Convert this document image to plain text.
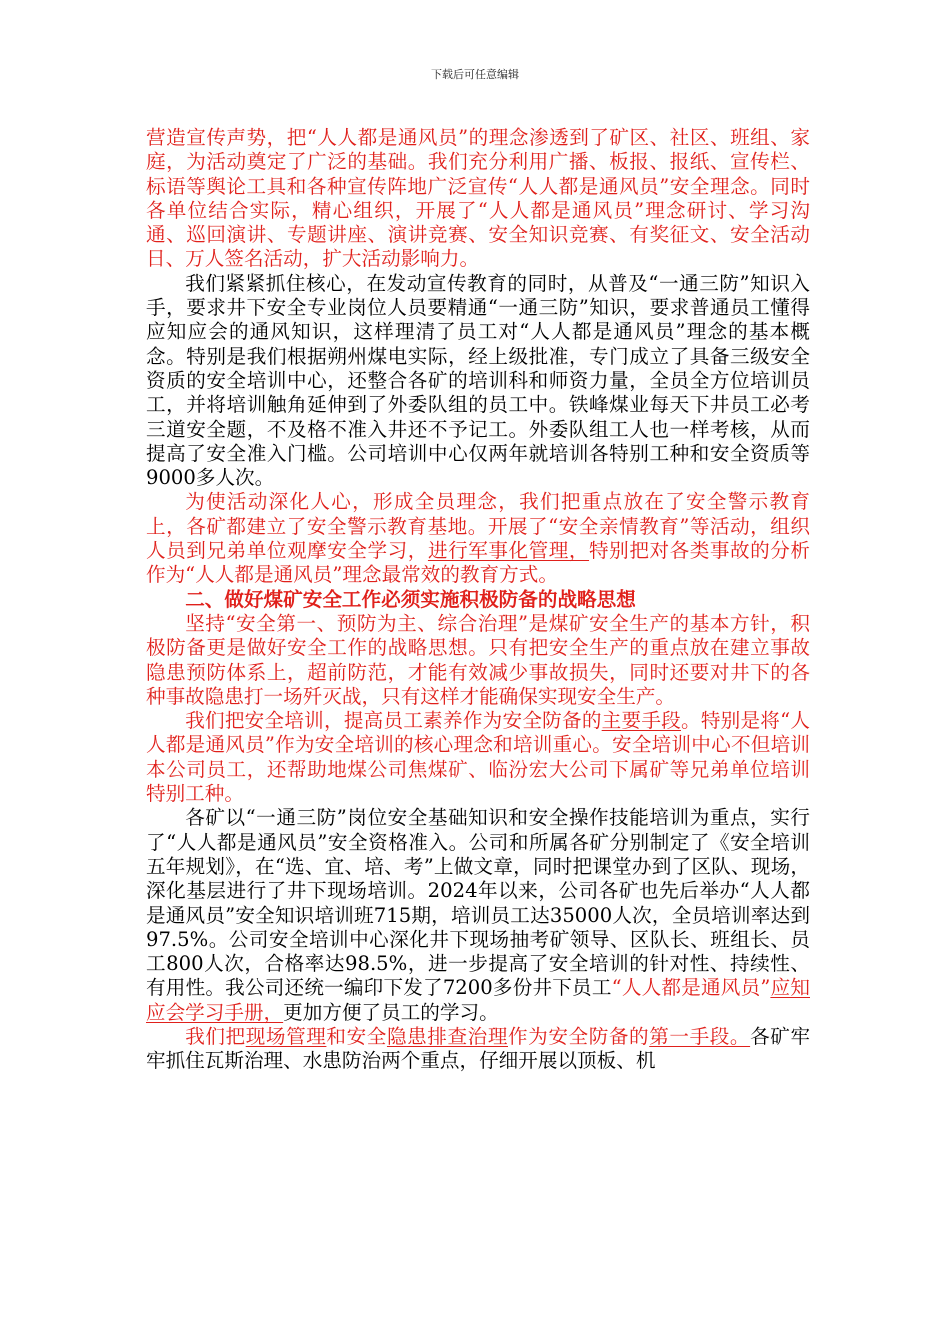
下载后可任意编辑

营造宣传声势，把“人人都是通风员”的理念渗透到了矿区、社区、班组、家庭，为活动奠定了广泛的基础。我们充分利用广播、板报、报纸、宣传栏、标语等舆论工具和各种宣传阵地广泛宣传“人人都是通风员”安全理念。同时各单位结合实际，精心组织，开展了“人人都是通风员”理念研讨、学习沟通、巡回演讲、专题讲座、演讲竞赛、安全知识竞赛、有奖征文、安全活动日、万人签名活动，扩大活动影响力。

我们紧紧抓住核心，在发动宣传教育的同时，从普及“一通三防”知识入手，要求井下安全专业岗位人员要精通“一通三防”知识，要求普通员工懂得应知应会的通风知识，这样理清了员工对“人人都是通风员”理念的基本概念。特别是我们根据朔州煤电实际，经上级批准，专门成立了具备三级安全资质的安全培训中心，还整合各矿的培训科和师资力量，全员全方位培训员工，并将培训触角延伸到了外委队组的员工中。铁峰煤业每天下井员工必考三道安全题，不及格不准入井还不予记工。外委队组工人也一样考核，从而提高了安全准入门槛。公司培训中心仅两年就培训各特别工种和安全资质等9000多人次。

为使活动深化人心，形成全员理念，我们把重点放在了安全警示教育上，各矿都建立了安全警示教育基地。开展了“安全亲情教育”等活动，组织人员到兄弟单位观摩安全学习，进行军事化管理，特别把对各类事故的分析作为“人人都是通风员”理念最常效的教育方式。

二、做好煤矿安全工作必须实施积极防备的战略思想

坚持“安全第一、预防为主、综合治理”是煤矿安全生产的基本方针，积极防备更是做好安全工作的战略思想。只有把安全生产的重点放在建立事故隐患预防体系上，超前防范，才能有效减少事故损失，同时还要对井下的各种事故隐患打一场歼灭战，只有这样才能确保实现安全生产。

我们把安全培训，提高员工素养作为安全防备的主要手段。特别是将“人人都是通风员”作为安全培训的核心理念和培训重心。安全培训中心不但培训本公司员工，还帮助地煤公司焦煤矿、临汾宏大公司下属矿等兄弟单位培训特别工种。

各矿以“一通三防”岗位安全基础知识和安全操作技能培训为重点，实行了“人人都是通风员”安全资格准入。公司和所属各矿分别制定了《安全培训五年规划》，在“选、宜、培、考”上做文章，同时把课堂办到了区队、现场，深化基层进行了井下现场培训。2024年以来，公司各矿也先后举办“人人都是通风员”安全知识培训班715期，培训员工达35000人次，全员培训率达到97.5%。公司安全培训中心深化井下现场抽考矿领导、区队长、班组长、员工800人次，合格率达98.5%，进一步提高了安全培训的针对性、持续性、有用性。我公司还统一编印下发了7200多份井下员工“人人都是通风员”应知应会学习手册，更加方便了员工的学习。

我们把现场管理和安全隐患排查治理作为安全防备的第一手段。各矿牢牢抓住瓦斯治理、水患防治两个重点，仔细开展以顶板、机
